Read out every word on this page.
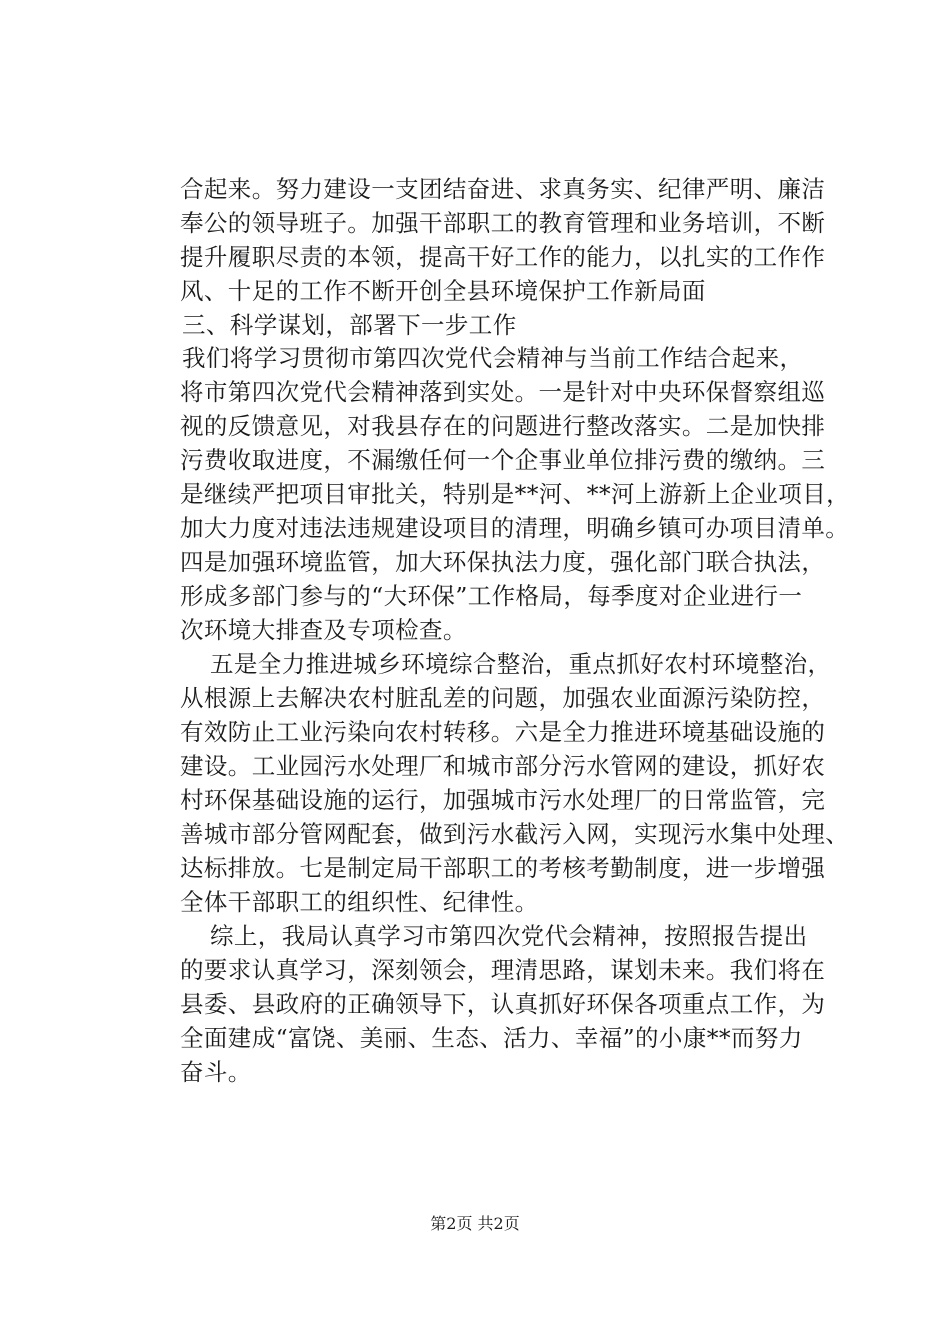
合起来。努力建设一支团结奋进、求真务实、纪律严明、廉洁
奉公的领导班子。加强干部职工的教育管理和业务培训，不断
提升履职尽责的本领，提高干好工作的能力，以扎实的工作作
风、十足的工作不断开创全县环境保护工作新局面
三、科学谋划，部署下一步工作
我们将学习贯彻市第四次党代会精神与当前工作结合起来，
将市第四次党代会精神落到实处。一是针对中央环保督察组巡
视的反馈意见，对我县存在的问题进行整改落实。二是加快排
污费收取进度，不漏缴任何一个企事业单位排污费的缴纳。三
是继续严把项目审批关，特别是**河、**河上游新上企业项目，
加大力度对违法违规建设项目的清理，明确乡镇可办项目清单。
四是加强环境监管，加大环保执法力度，强化部门联合执法，
形成多部门参与的“大环保”工作格局，每季度对企业进行一
次环境大排查及专项检查。
五是全力推进城乡环境综合整治，重点抓好农村环境整治，
从根源上去解决农村脏乱差的问题，加强农业面源污染防控，
有效防止工业污染向农村转移。六是全力推进环境基础设施的
建设。工业园污水处理厂和城市部分污水管网的建设，抓好农
村环保基础设施的运行，加强城市污水处理厂的日常监管，完
善城市部分管网配套，做到污水截污入网，实现污水集中处理、
达标排放。七是制定局干部职工的考核考勤制度，进一步增强
全体干部职工的组织性、纪律性。
综上，我局认真学习市第四次党代会精神，按照报告提出
的要求认真学习，深刻领会，理清思路，谋划未来。我们将在
县委、县政府的正确领导下，认真抓好环保各项重点工作，为
全面建成“富饶、美丽、生态、活力、幸福”的小康**而努力
奋斗。
第2页 共2页
